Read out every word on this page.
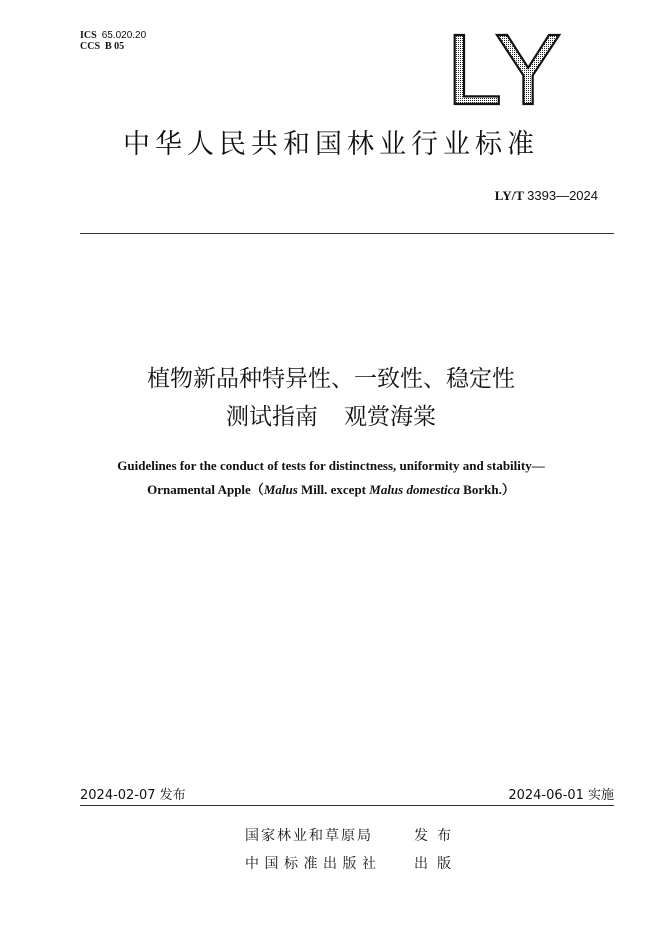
ICS 65.020.20
CCS B 05	LY
中华人民共和国林业行业标准
LY/T 3393—2024
植物新品种特异性、一致性、稳定性
测试指南 观赏海棠
Guidelines for the conduct of tests for distinctness, uniformity and stability—
Ornamental Apple（Malus Mill. except Malus domestica Borkh.）
2024-02-07 发布	2024-06-01 实施
国家林业和草原局	发布
中国标准出版社 出版
